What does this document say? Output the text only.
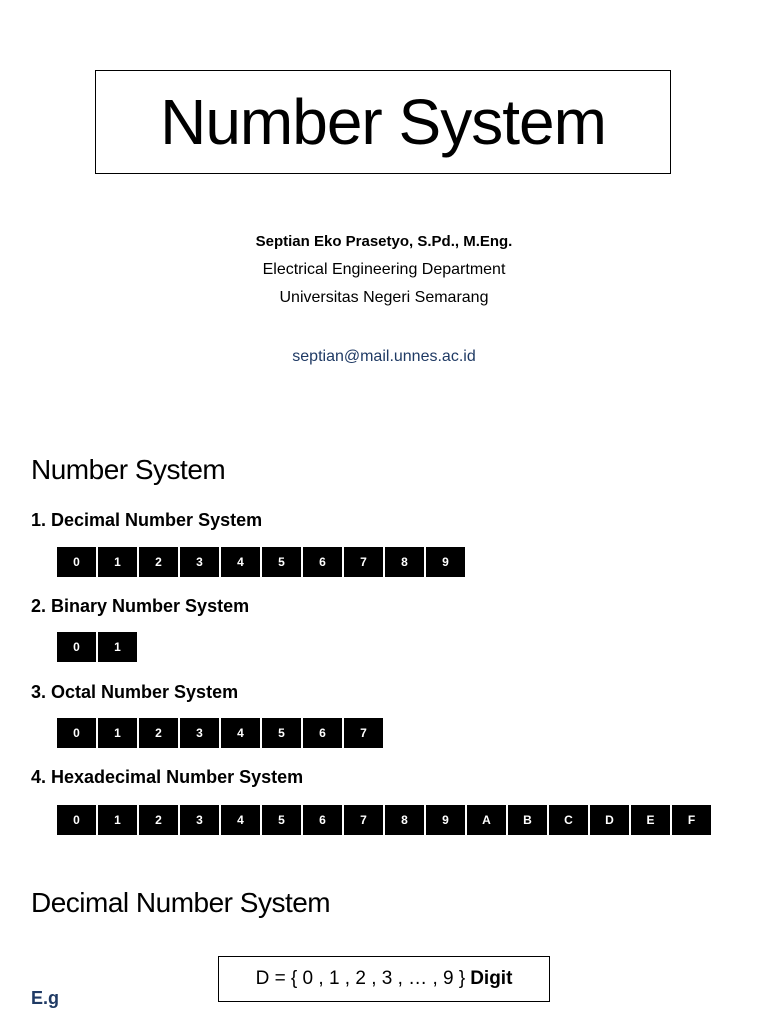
Number System
Septian Eko Prasetyo, S.Pd., M.Eng.
Electrical Engineering Department
Universitas Negeri Semarang
septian@mail.unnes.ac.id
Number System
1. Decimal Number System
0	1	2	3	4	5	6	7	8	9
2. Binary Number System
0	1
3. Octal Number System
0	1	2	3	4	5	6	7
4. Hexadecimal Number System
0	1	2	3	4	5	6	7	8	9	A	B	C	D	E	F
Decimal Number System
D = { 0 , 1 , 2 , 3 , … , 9 } Digit
E.g
